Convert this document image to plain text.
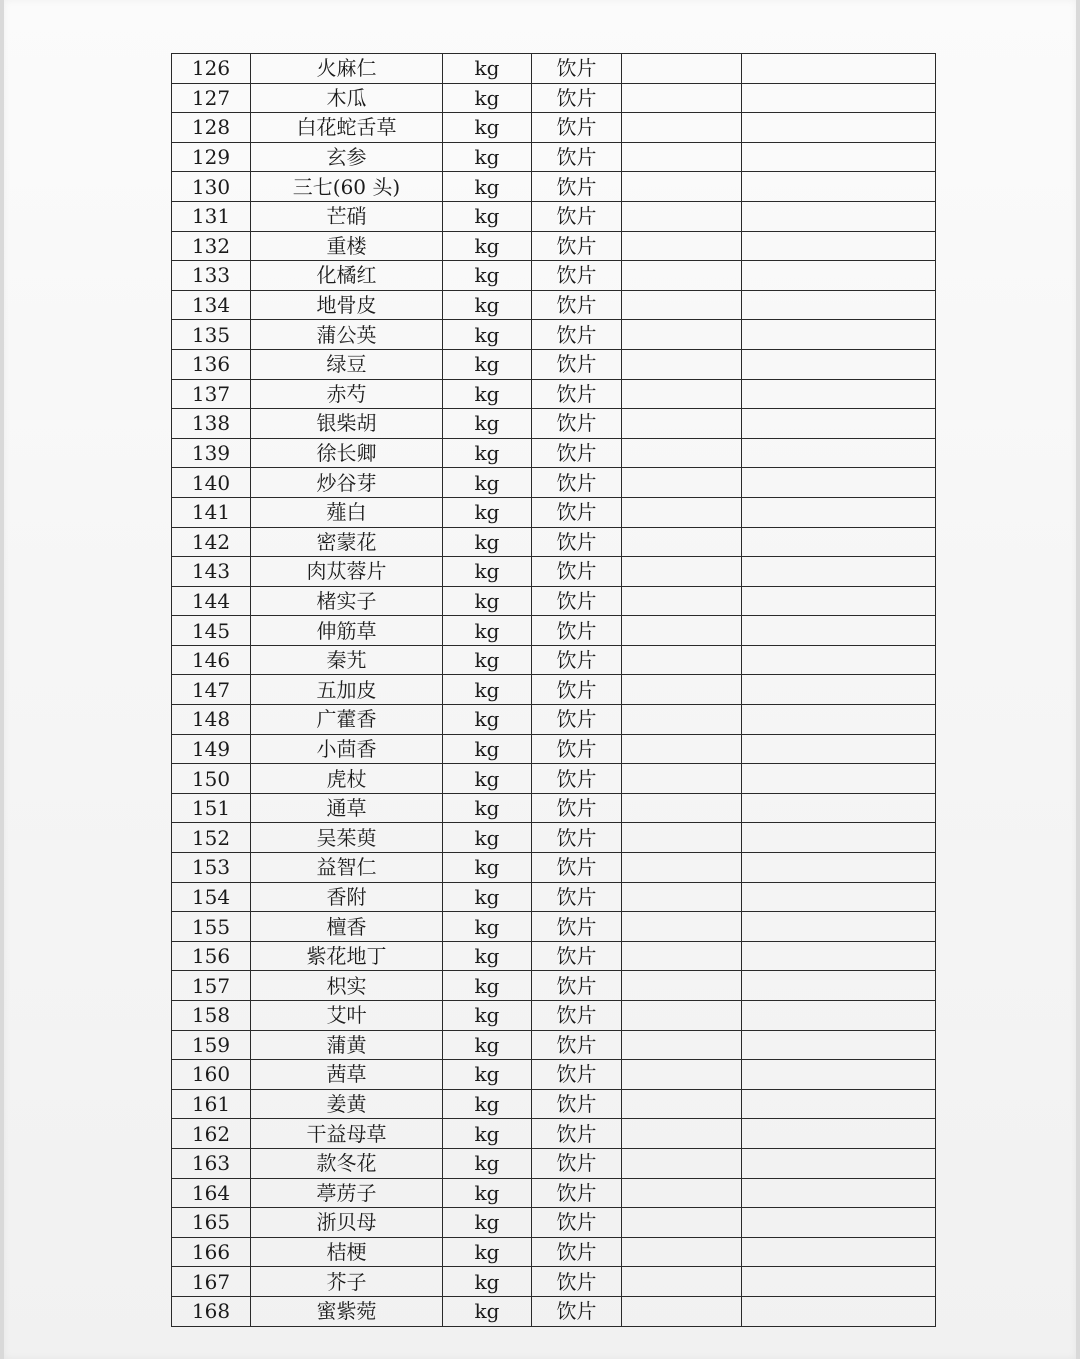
126	火麻仁	kg	饮片		
127	木瓜	kg	饮片		
128	白花蛇舌草	kg	饮片		
129	玄参	kg	饮片		
130	三七(60 头)	kg	饮片		
131	芒硝	kg	饮片		
132	重楼	kg	饮片		
133	化橘红	kg	饮片		
134	地骨皮	kg	饮片		
135	蒲公英	kg	饮片		
136	绿豆	kg	饮片		
137	赤芍	kg	饮片		
138	银柴胡	kg	饮片		
139	徐长卿	kg	饮片		
140	炒谷芽	kg	饮片		
141	薤白	kg	饮片		
142	密蒙花	kg	饮片		
143	肉苁蓉片	kg	饮片		
144	楮实子	kg	饮片		
145	伸筋草	kg	饮片		
146	秦艽	kg	饮片		
147	五加皮	kg	饮片		
148	广藿香	kg	饮片		
149	小茴香	kg	饮片		
150	虎杖	kg	饮片		
151	通草	kg	饮片		
152	吴茱萸	kg	饮片		
153	益智仁	kg	饮片		
154	香附	kg	饮片		
155	檀香	kg	饮片		
156	紫花地丁	kg	饮片		
157	枳实	kg	饮片		
158	艾叶	kg	饮片		
159	蒲黄	kg	饮片		
160	茜草	kg	饮片		
161	姜黄	kg	饮片		
162	干益母草	kg	饮片		
163	款冬花	kg	饮片		
164	葶苈子	kg	饮片		
165	浙贝母	kg	饮片		
166	桔梗	kg	饮片		
167	芥子	kg	饮片		
168	蜜紫菀	kg	饮片		
